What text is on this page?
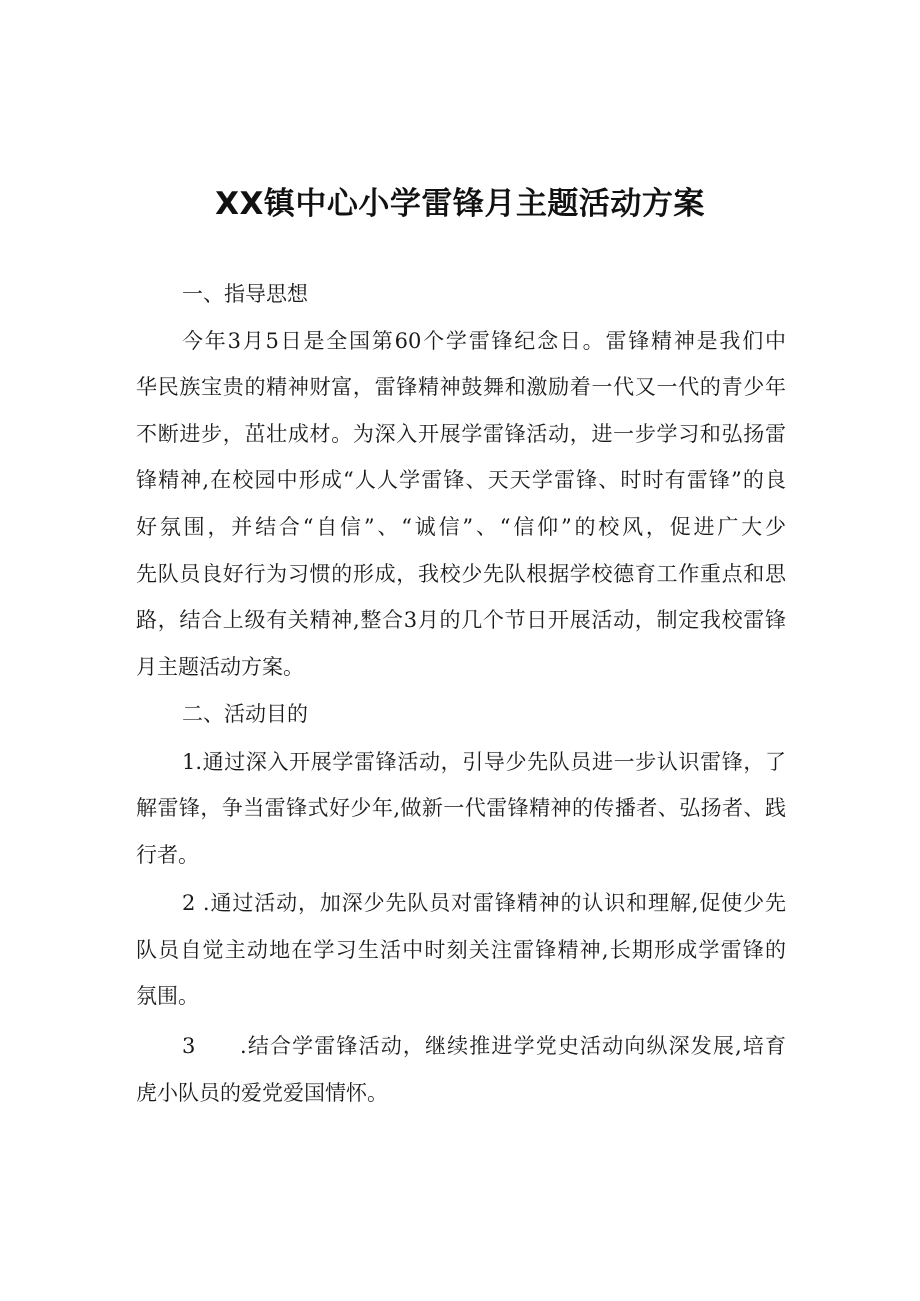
XX镇中心小学雷锋月主题活动方案
一、指导思想
今年3月5日是全国第60个学雷锋纪念日。雷锋精神是我们中
华民族宝贵的精神财富，雷锋精神鼓舞和激励着一代又一代的青少年
不断进步，茁壮成材。为深入开展学雷锋活动，进一步学习和弘扬雷
锋精神,在校园中形成“人人学雷锋、天天学雷锋、时时有雷锋”的良
好氛围，并结合“自信”、“诚信”、“信仰”的校风，促进广大少
先队员良好行为习惯的形成，我校少先队根据学校德育工作重点和思
路，结合上级有关精神,整合3月的几个节日开展活动，制定我校雷锋
月主题活动方案。
二、活动目的
1.通过深入开展学雷锋活动，引导少先队员进一步认识雷锋，了
解雷锋，争当雷锋式好少年,做新一代雷锋精神的传播者、弘扬者、践
行者。
2 .通过活动，加深少先队员对雷锋精神的认识和理解,促使少先
队员自觉主动地在学习生活中时刻关注雷锋精神,长期形成学雷锋的
氛围。
3 .结合学雷锋活动，继续推进学党史活动向纵深发展,培育
虎小队员的爱党爱国情怀。
